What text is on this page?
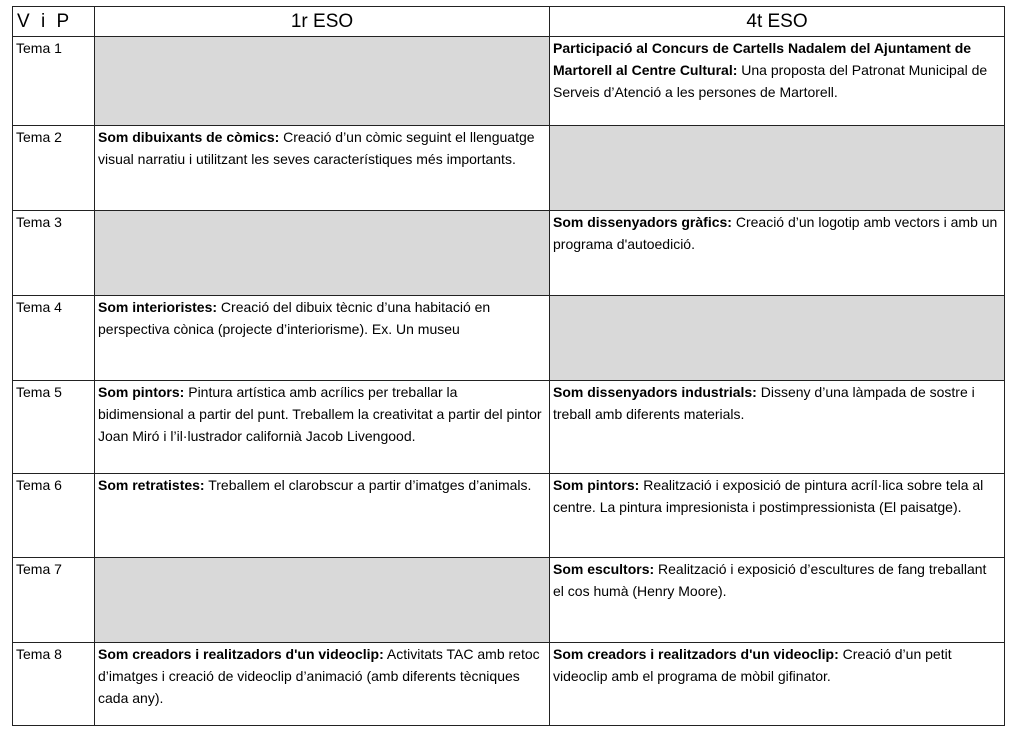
V i P	1r ESO	4t ESO
Tema 1		Participació al Concurs de Cartells Nadalem del Ajuntament de Martorell al Centre Cultural: Una proposta del Patronat Municipal de Serveis d’Atenció a les persones de Martorell.
Tema 2	Som dibuixants de còmics: Creació d’un còmic seguint el llenguatge visual narratiu i utilitzant les seves característiques més importants.	
Tema 3		Som dissenyadors gràfics: Creació d’un logotip amb vectors i amb un programa d'autoedició.
Tema 4	Som interioristes: Creació del dibuix tècnic d’una habitació en perspectiva cònica (projecte d’interiorisme). Ex. Un museu	
Tema 5	Som pintors: Pintura artística amb acrílics per treballar la bidimensional a partir del punt. Treballem la creativitat a partir del pintor Joan Miró i l’il·lustrador californià Jacob Livengood.	Som dissenyadors industrials: Disseny d’una làmpada de sostre i treball amb diferents materials.
Tema 6	Som retratistes: Treballem el clarobscur a partir d’imatges d’animals.	Som pintors: Realització i exposició de pintura acríl·lica sobre tela al centre. La pintura impresionista i postimpressionista (El paisatge).
Tema 7		Som escultors: Realització i exposició d’escultures de fang treballant el cos humà (Henry Moore).
Tema 8	Som creadors i realitzadors d'un videoclip: Activitats TAC amb retoc d’imatges i creació de videoclip d’animació (amb diferents tècniques cada any).	Som creadors i realitzadors d'un videoclip: Creació d’un petit videoclip amb el programa de mòbil gifinator.
